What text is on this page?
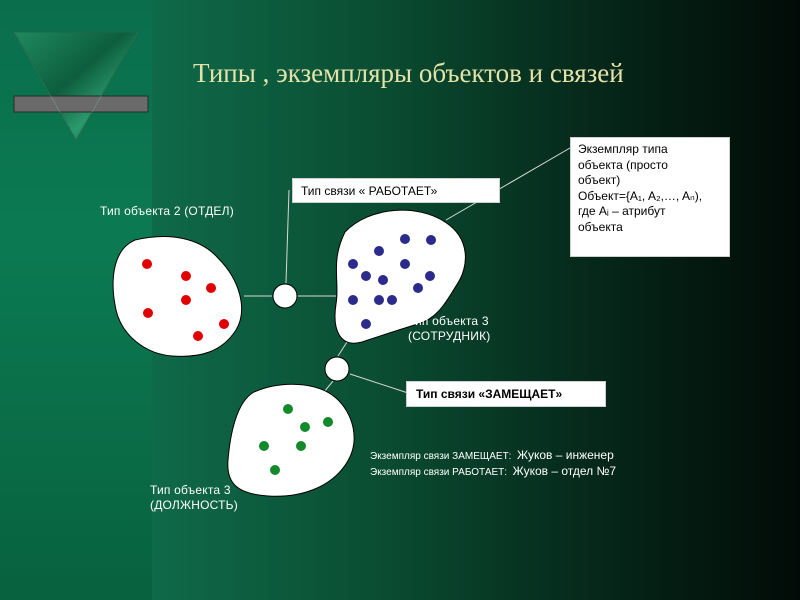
Типы , экземпляры объектов и связей
Тип объекта 2 (ОТДЕЛ)
Тип объекта 3
(СОТРУДНИК)
Тип объекта 3
(ДОЛЖНОСТЬ)
Тип связи « РАБОТАЕТ»
Тип связи «ЗАМЕЩАЕТ»
Экземпляр типа
объекта (просто
объект)
Объект={A₁, A₂,…, Aₙ),
где Aᵢ – атрибут
объекта
Экземпляр связи ЗАМЕЩАЕТ: Жуков – инженер
Экземпляр связи РАБОТАЕТ: Жуков – отдел №7
